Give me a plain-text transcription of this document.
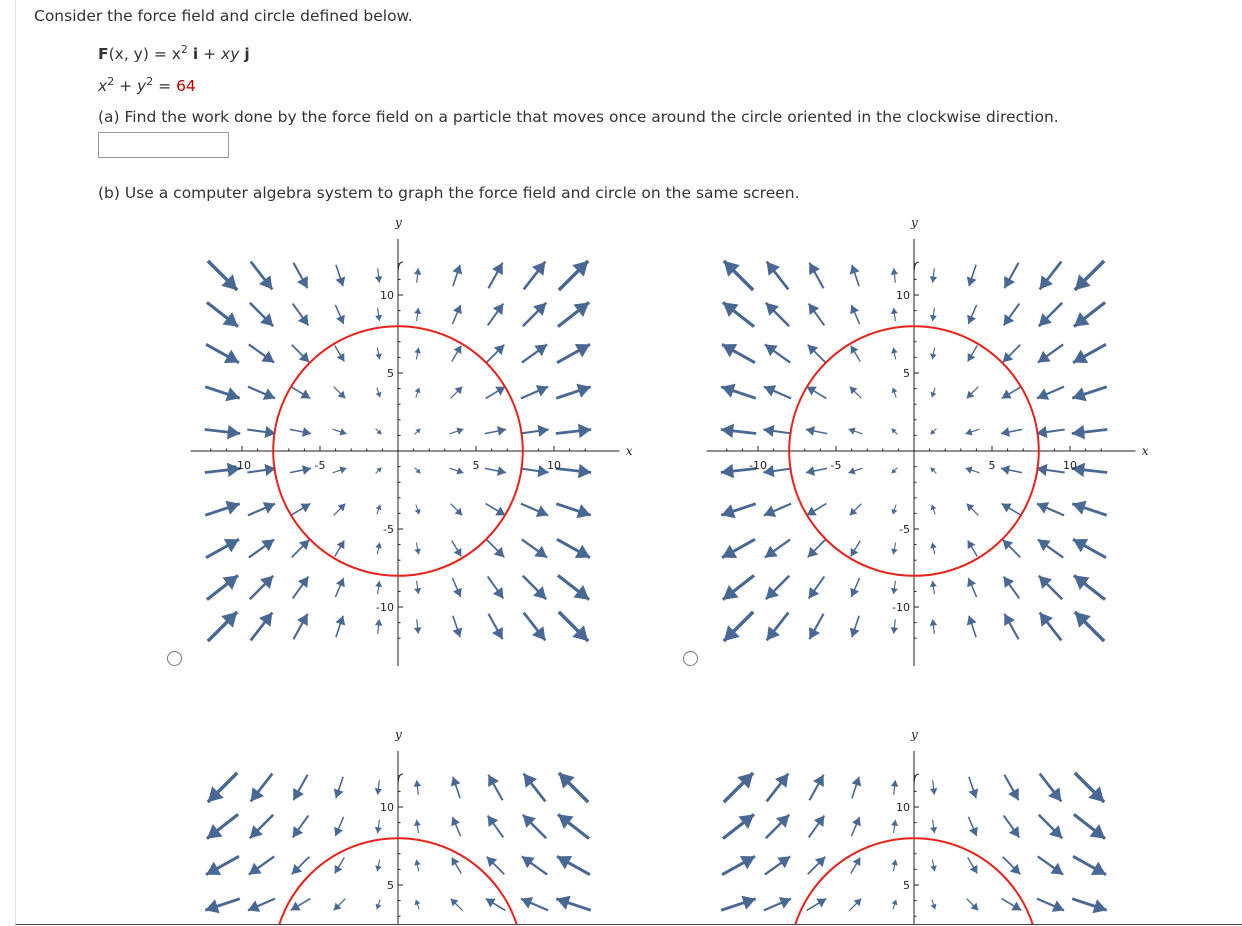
Consider the force field and circle defined below.
F(x, $y) = x^2$ i + xy j
$x^2 + y^2 = 64$
(a) Find the work done by the force field on a particle that moves once around the circle oriented in the clockwise direction.
(b) Use a computer algebra system to graph the force field and circle on the same screen.
x
y
-10	-5	5	10
10
5
-5
-10
x
y
-10	-5	5	10
10
5
-5
-10
y
10
5
y
10
5
